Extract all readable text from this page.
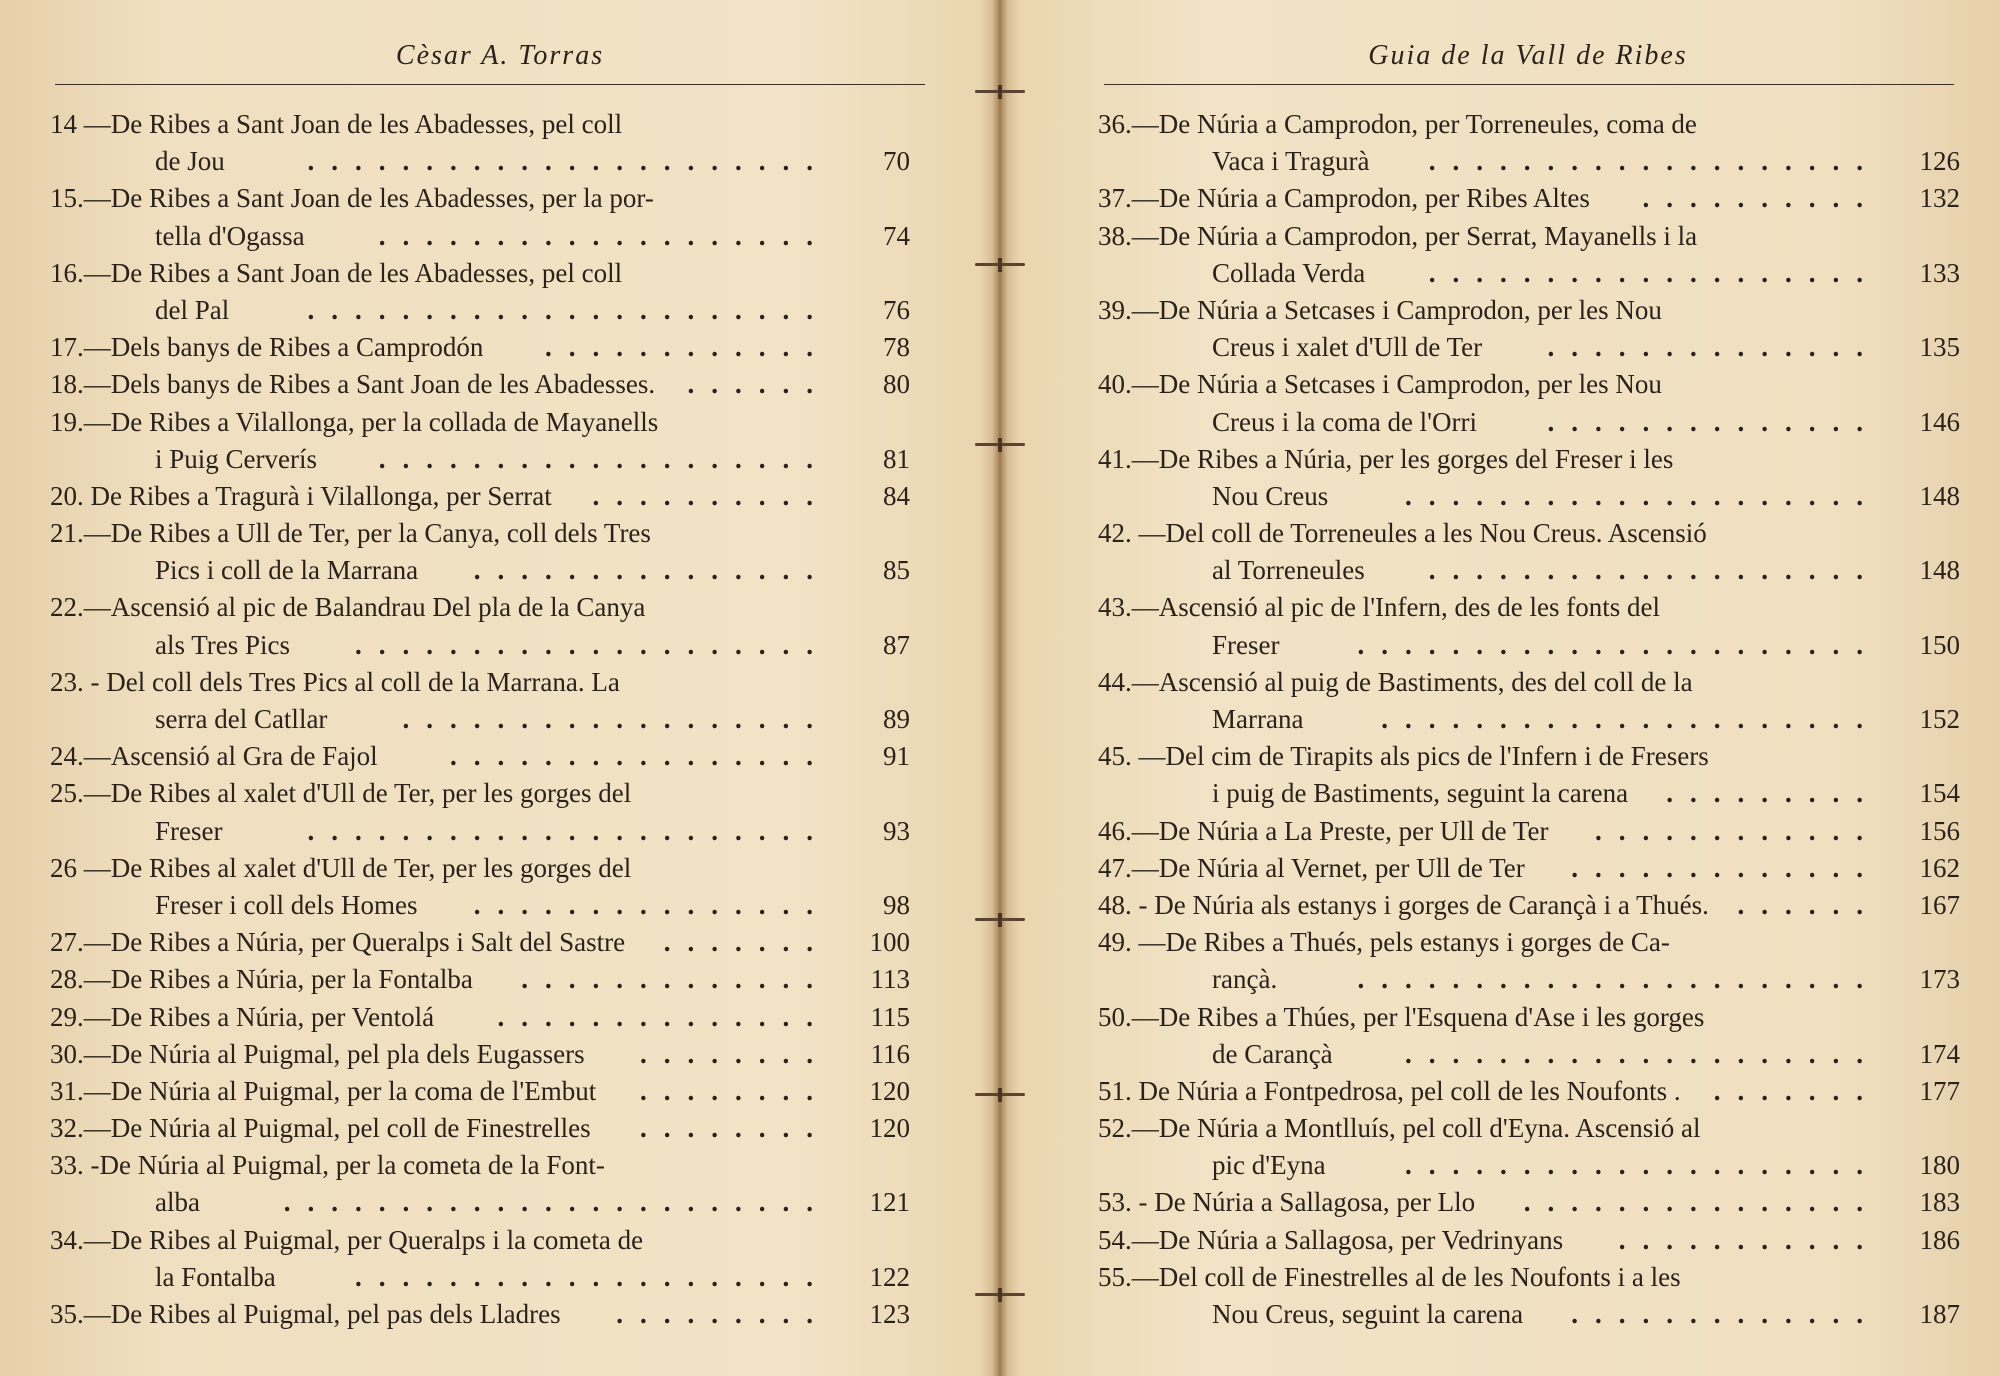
Cèsar A. Torras
14 —De Ribes a Sant Joan de les Abadesses, pel coll
de Jou	......................	70
15.—De Ribes a Sant Joan de les Abadesses, per la por-
tella d'Ogassa	...................	74
16.—De Ribes a Sant Joan de les Abadesses, pel coll
del Pal	......................	76
17.—Dels banys de Ribes a Camprodón ............	78
18.—Dels banys de Ribes a Sant Joan de les Abadesses. ......	80
19.—De Ribes a Vilallonga, per la collada de Mayanells
i Puig Cerverís ...................	81
20. De Ribes a Tragurà i Vilallonga, per Serrat ..........	84
21.—De Ribes a Ull de Ter, per la Canya, coll dels Tres
Pics i coll de la Marrana ...............	85
22.—Ascensió al pic de Balandrau Del pla de la Canya
als Tres Pics ....................	87
23. - Del coll dels Tres Pics al coll de la Marrana. La
serra del Catllar	..................	89
24.—Ascensió al Gra de Fajol	................	91
25.—De Ribes al xalet d'Ull de Ter, per les gorges del
Freser	......................	93
26 —De Ribes al xalet d'Ull de Ter, per les gorges del
Freser i coll dels Homes ...............	98
27.—De Ribes a Núria, per Queralps i Salt del Sastre .......	100
28.—De Ribes a Núria, per la Fontalba .............	113
29.—De Ribes a Núria, per Ventolá ..............	115
30.—De Núria al Puigmal, pel pla dels Eugassers ........	116
31.—De Núria al Puigmal, per la coma de l'Embut ........	120
32.—De Núria al Puigmal, pel coll de Finestrelles ........	120
33. -De Núria al Puigmal, per la cometa de la Font-
alba	.......................	121
34.—De Ribes al Puigmal, per Queralps i la cometa de
la Fontalba	....................	122
35.—De Ribes al Puigmal, pel pas dels Lladres .........	123
Guia de la Vall de Ribes
36.—De Núria a Camprodon, per Torreneules, coma de
Vaca i Tragurà ...................	126
37.—De Núria a Camprodon, per Ribes Altes ..........	132
38.—De Núria a Camprodon, per Serrat, Mayanells i la
Collada Verda ...................	133
39.—De Núria a Setcases i Camprodon, per les Nou
Creus i xalet d'Ull de Ter ..............	135
40.—De Núria a Setcases i Camprodon, per les Nou
Creus i la coma de l'Orri	..............	146
41.—De Ribes a Núria, per les gorges del Freser i les
Nou Creus	....................	148
42. —Del coll de Torreneules a les Nou Creus. Ascensió
al Torreneules ...................	148
43.—Ascensió al pic de l'Infern, des de les fonts del
Freser	......................	150
44.—Ascensió al puig de Bastiments, des del coll de la
Marrana	.....................	152
45. —Del cim de Tirapits als pics de l'Infern i de Fresers
i puig de Bastiments, seguint la carena .........	154
46.—De Núria a La Preste, per Ull de Ter ............	156
47.—De Núria al Vernet, per Ull de Ter .............	162
48. - De Núria als estanys i gorges de Carançà i a Thués. ......	167
49. —De Ribes a Thués, pels estanys i gorges de Ca-
rançà.	......................	173
50.—De Ribes a Thúes, per l'Esquena d'Ase i les gorges
de Carançà	....................	174
51. De Núria a Fontpedrosa, pel coll de les Noufonts . .......	177
52.—De Núria a Montlluís, pel coll d'Eyna. Ascensió al
pic d'Eyna	....................	180
53. - De Núria a Sallagosa, per Llo ...............	183
54.—De Núria a Sallagosa, per Vedrinyans ...........	186
55.—Del coll de Finestrelles al de les Noufonts i a les
Nou Creus, seguint la carena .............	187
